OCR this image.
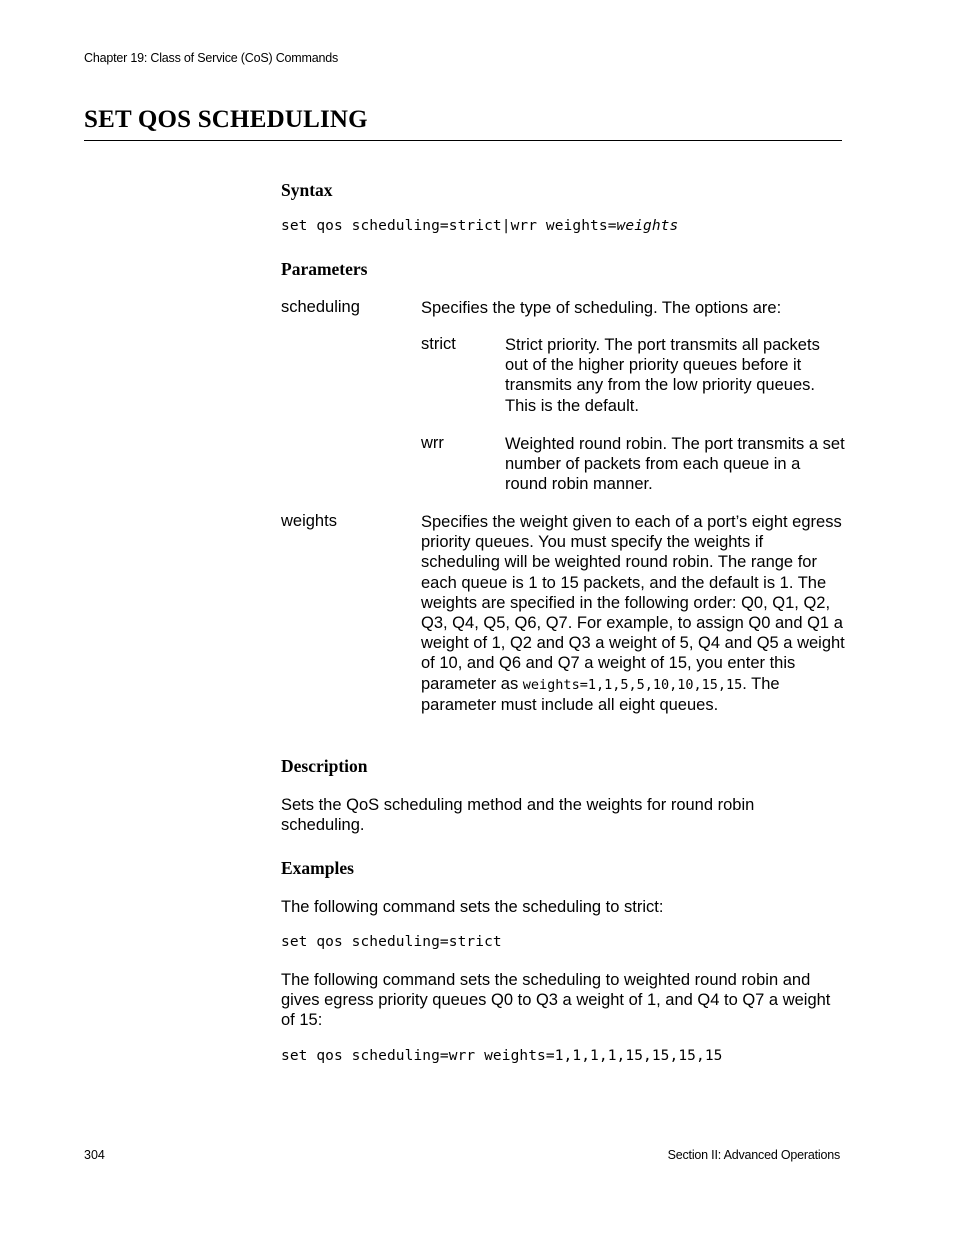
Chapter 19: Class of Service (CoS) Commands
SET QOS SCHEDULING
Syntax
set qos scheduling=strict|wrr weights=weights
Parameters
scheduling	Specifies the type of scheduling. The options are:
strict	Strict priority. The port transmits all packets out of the higher priority queues before it transmits any from the low priority queues. This is the default.
wrr	Weighted round robin. The port transmits a set number of packets from each queue in a round robin manner.
weights	Specifies the weight given to each of a port’s eight egress priority queues. You must specify the weights if scheduling will be weighted round robin. The range for each queue is 1 to 15 packets, and the default is 1. The weights are specified in the following order: Q0, Q1, Q2, Q3, Q4, Q5, Q6, Q7. For example, to assign Q0 and Q1 a weight of 1, Q2 and Q3 a weight of 5, Q4 and Q5 a weight of 10, and Q6 and Q7 a weight of 15, you enter this parameter as weights=1,1,5,5,10,10,15,15. The parameter must include all eight queues.
Description
Sets the QoS scheduling method and the weights for round robin scheduling.
Examples
The following command sets the scheduling to strict:
set qos scheduling=strict
The following command sets the scheduling to weighted round robin and gives egress priority queues Q0 to Q3 a weight of 1, and Q4 to Q7 a weight of 15:
set qos scheduling=wrr weights=1,1,1,1,15,15,15,15
304	Section II: Advanced Operations
